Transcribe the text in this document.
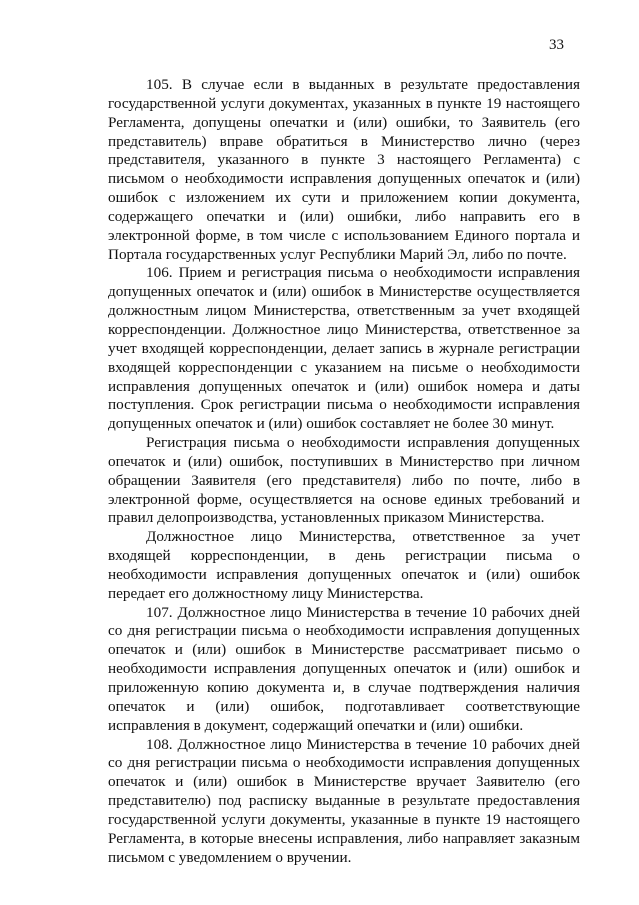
33

105. В случае если в выданных в результате предоставления государственной услуги документах, указанных в пункте 19 настоящего Регламента, допущены опечатки и (или) ошибки, то Заявитель (его представитель) вправе обратиться в Министерство лично (через представителя, указанного в пункте 3 настоящего Регламента) с письмом о необходимости исправления допущенных опечаток и (или) ошибок с изложением их сути и приложением копии документа, содержащего опечатки и (или) ошибки, либо направить его в электронной форме, в том числе с использованием Единого портала и Портала государственных услуг Республики Марий Эл, либо по почте.

106. Прием и регистрация письма о необходимости исправления допущенных опечаток и (или) ошибок в Министерстве осуществляется должностным лицом Министерства, ответственным за учет входящей корреспонденции. Должностное лицо Министерства, ответственное за учет входящей корреспонденции, делает запись в журнале регистрации входящей корреспонденции с указанием на письме о необходимости исправления допущенных опечаток и (или) ошибок номера и даты поступления. Срок регистрации письма о необходимости исправления допущенных опечаток и (или) ошибок составляет не более 30 минут.

Регистрация письма о необходимости исправления допущенных опечаток и (или) ошибок, поступивших в Министерство при личном обращении Заявителя (его представителя) либо по почте, либо в электронной форме, осуществляется на основе единых требований и правил делопроизводства, установленных приказом Министерства.

Должностное лицо Министерства, ответственное за учет входящей корреспонденции, в день регистрации письма о необходимости исправления допущенных опечаток и (или) ошибок передает его должностному лицу Министерства.

107. Должностное лицо Министерства в течение 10 рабочих дней со дня регистрации письма о необходимости исправления допущенных опечаток и (или) ошибок в Министерстве рассматривает письмо о необходимости исправления допущенных опечаток и (или) ошибок и приложенную копию документа и, в случае подтверждения наличия опечаток и (или) ошибок, подготавливает соответствующие исправления в документ, содержащий опечатки и (или) ошибки.

108. Должностное лицо Министерства в течение 10 рабочих дней со дня регистрации письма о необходимости исправления допущенных опечаток и (или) ошибок в Министерстве вручает Заявителю (его представителю) под расписку выданные в результате предоставления государственной услуги документы, указанные в пункте 19 настоящего Регламента, в которые внесены исправления, либо направляет заказным письмом с уведомлением о вручении.
